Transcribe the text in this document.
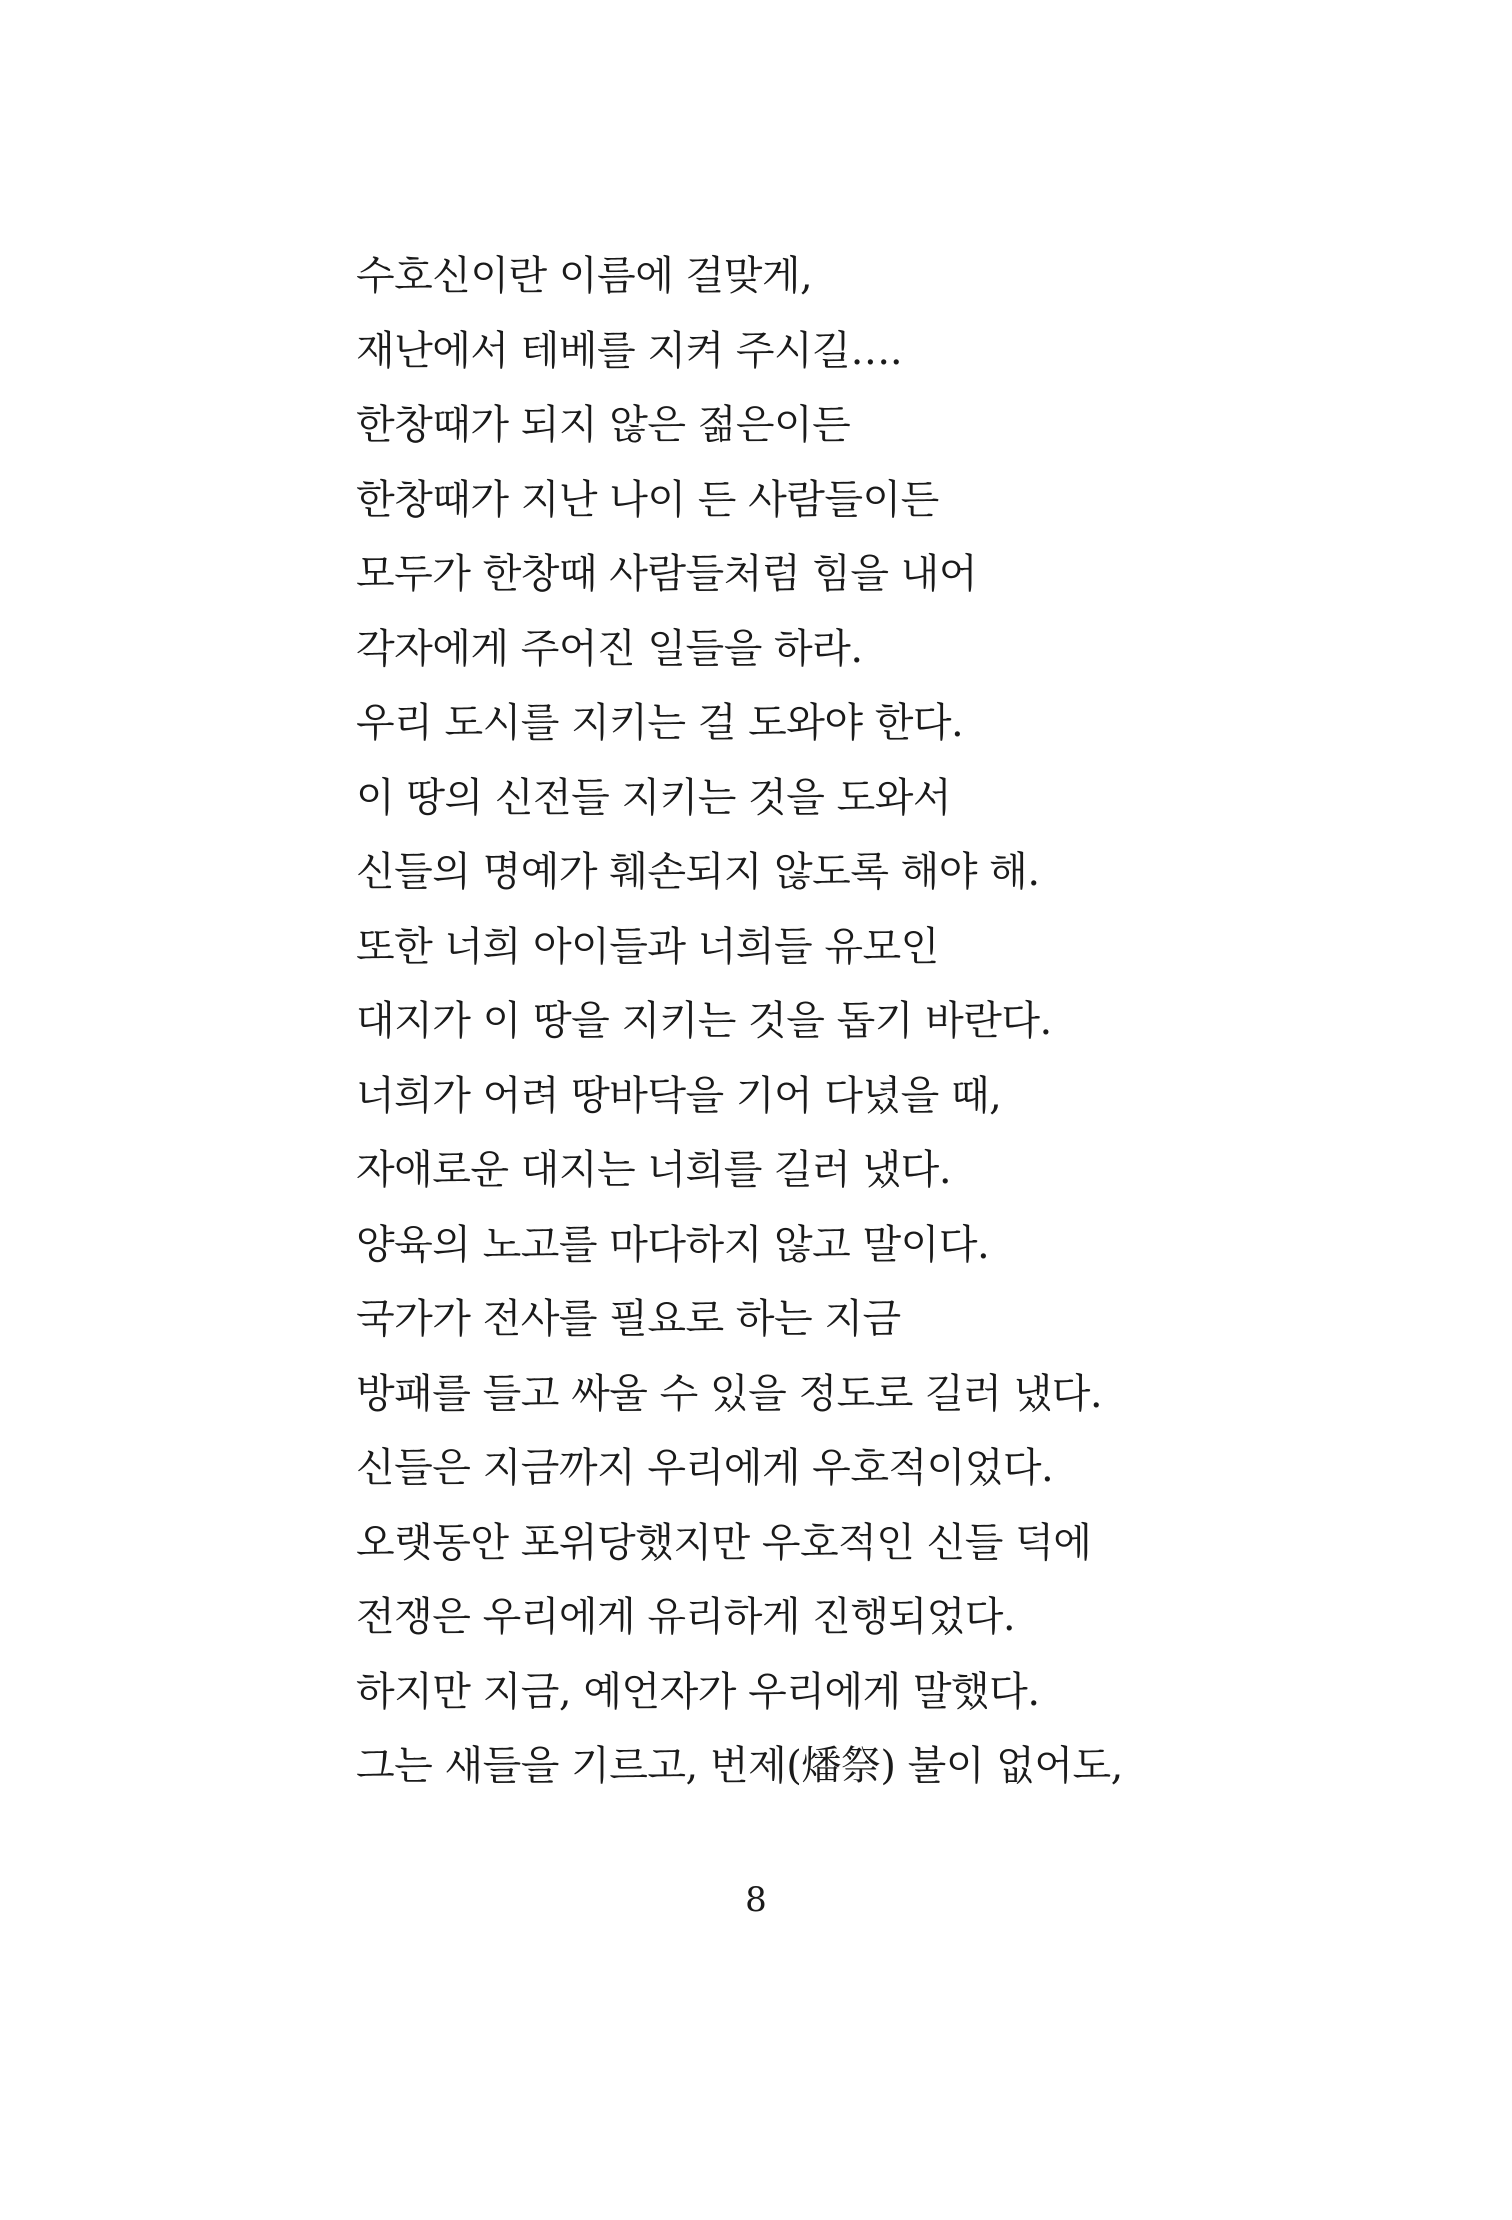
수호신이란 이름에 걸맞게,
재난에서 테베를 지켜 주시길….
한창때가 되지 않은 젊은이든
한창때가 지난 나이 든 사람들이든
모두가 한창때 사람들처럼 힘을 내어
각자에게 주어진 일들을 하라.
우리 도시를 지키는 걸 도와야 한다.
이 땅의 신전들 지키는 것을 도와서
신들의 명예가 훼손되지 않도록 해야 해.
또한 너희 아이들과 너희들 유모인
대지가 이 땅을 지키는 것을 돕기 바란다.
너희가 어려 땅바닥을 기어 다녔을 때,
자애로운 대지는 너희를 길러 냈다.
양육의 노고를 마다하지 않고 말이다.
국가가 전사를 필요로 하는 지금
방패를 들고 싸울 수 있을 정도로 길러 냈다.
신들은 지금까지 우리에게 우호적이었다.
오랫동안 포위당했지만 우호적인 신들 덕에
전쟁은 우리에게 유리하게 진행되었다.
하지만 지금, 예언자가 우리에게 말했다.
그는 새들을 기르고, 번제(燔祭) 불이 없어도,
8
